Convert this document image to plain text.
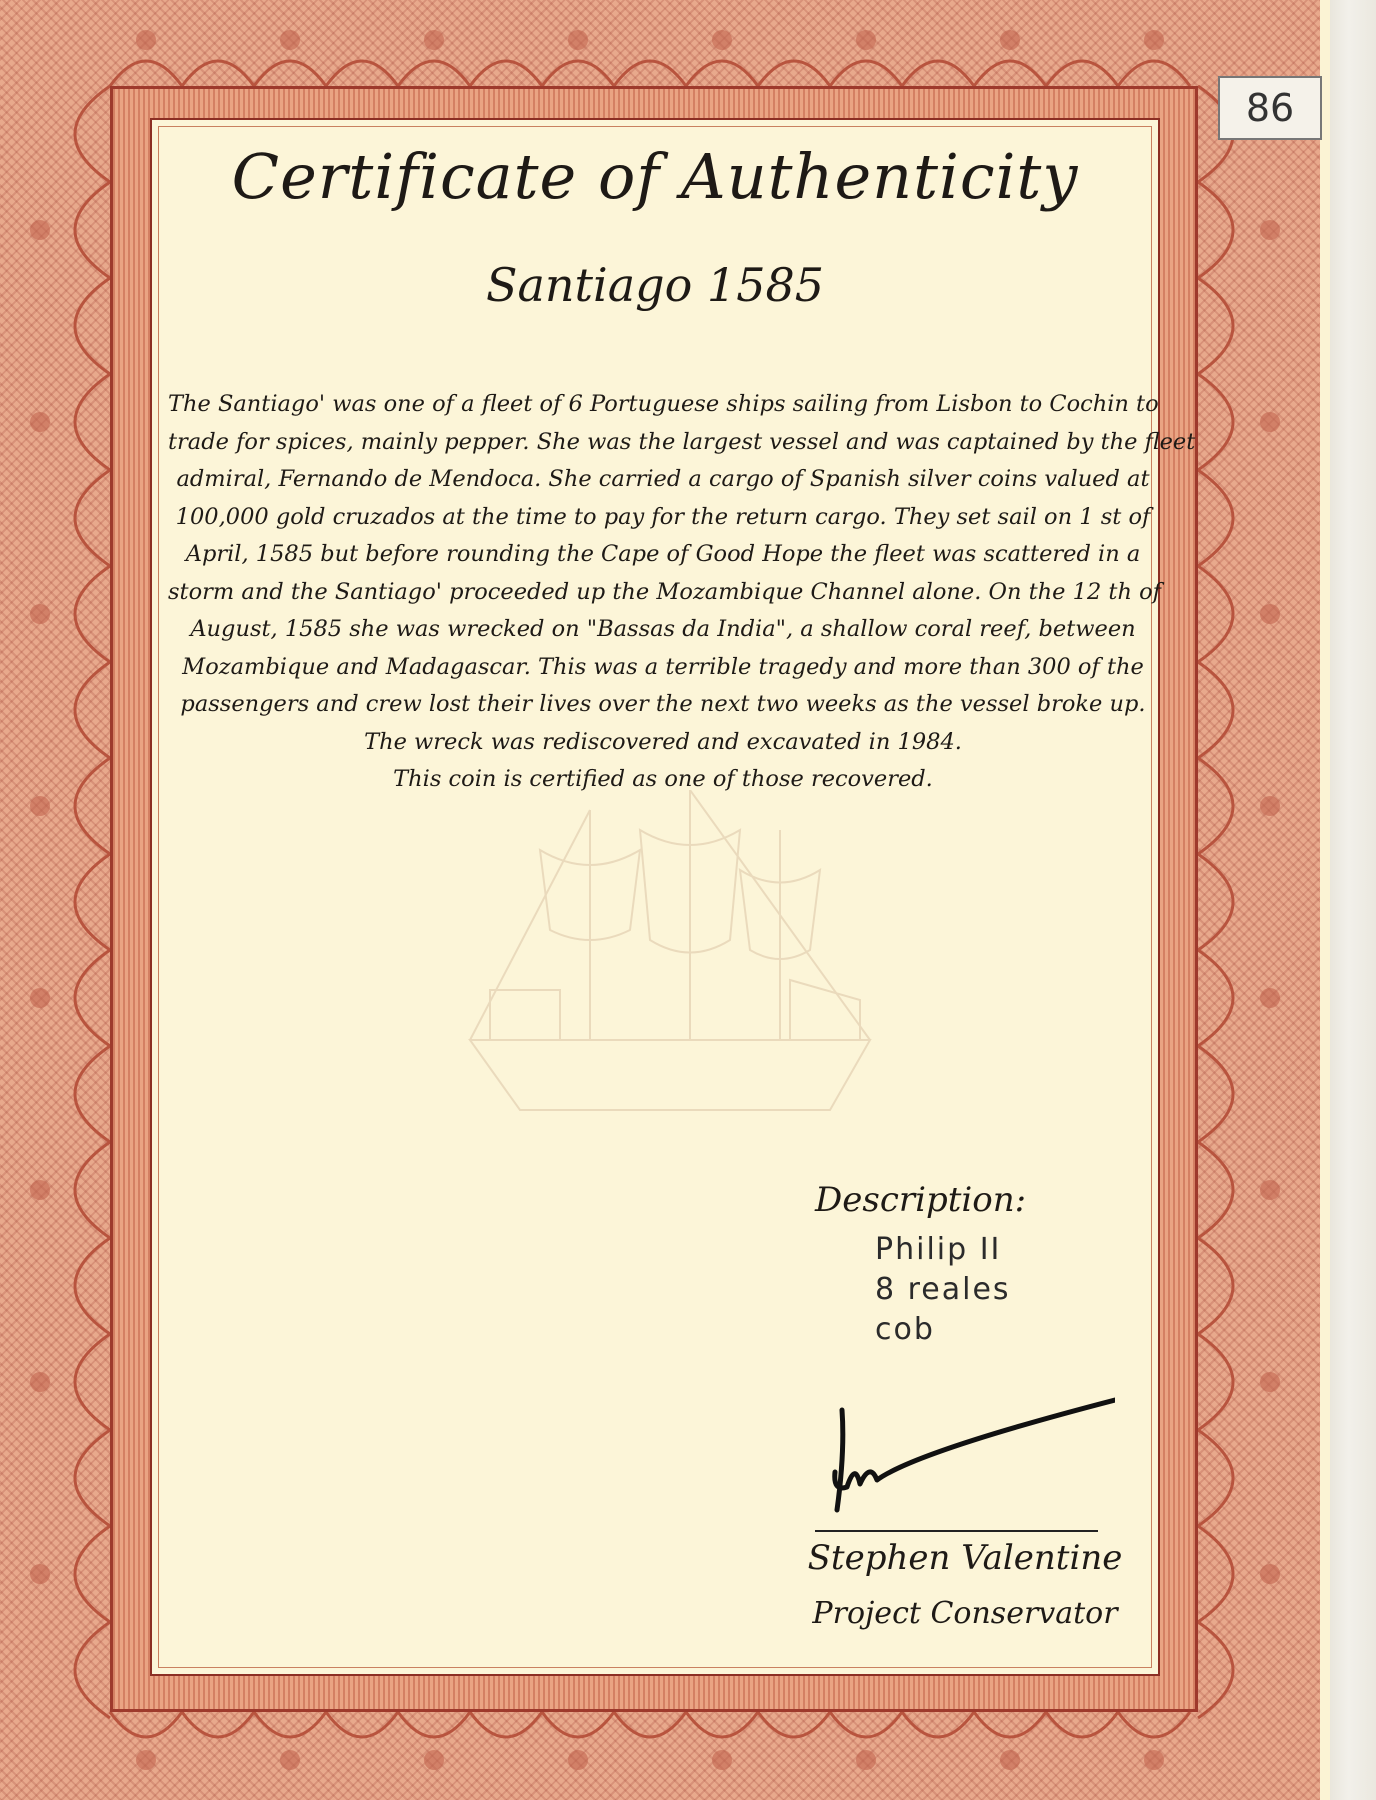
86
Certificate of Authenticity
Santiago 1585

The Santiago' was one of a fleet of 6 Portuguese ships sailing from Lisbon to Cochin to
trade for spices, mainly pepper. She was the largest vessel and was captained by the fleet
admiral, Fernando de Mendoca. She carried a cargo of Spanish silver coins valued at
100,000 gold cruzados at the time to pay for the return cargo. They set sail on 1 st of
April, 1585 but before rounding the Cape of Good Hope the fleet was scattered in a
storm and the Santiago' proceeded up the Mozambique Channel alone. On the 12 th of
August, 1585 she was wrecked on "Bassas da India", a shallow coral reef, between
Mozambique and Madagascar. This was a terrible tragedy and more than 300 of the
passengers and crew lost their lives over the next two weeks as the vessel broke up.
The wreck was rediscovered and excavated in 1984.
This coin is certified as one of those recovered.

Description:
Philip II
8 reales
cob
Stephen Valentine
Project Conservator
